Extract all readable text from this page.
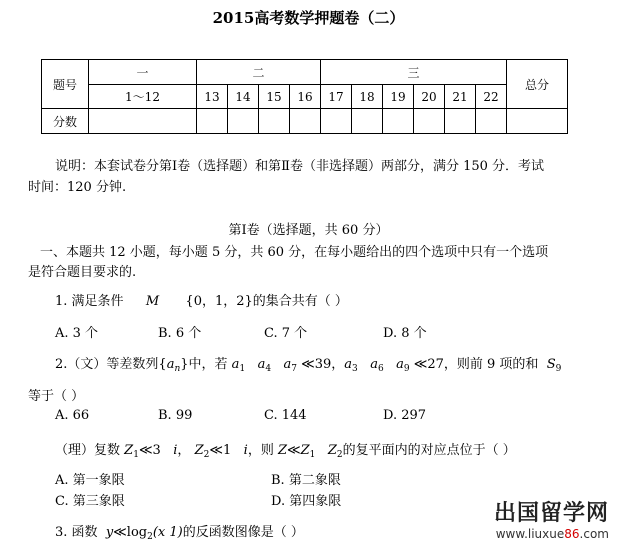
2015高考数学押题卷（二）
题号	一	二				三						总分
	1～12	13	14	15	16	17	18	19	20	21	22	
分数												
说明：本套试卷分第Ⅰ卷（选择题）和第Ⅱ卷（非选择题）两部分，满分 150 分．考试
时间：120 分钟.
第Ⅰ卷（选择题，共 60 分）
一、本题共 12 小题，每小题 5 分，共 60 分，在每小题给出的四个选项中只有一个选项
是符合题目要求的.
1. 满足条件 M {0，1，2}的集合共有（ ）
A. 3 个	B. 6 个	C. 7 个	D. 8 个
2.（文）等差数列$\{a_n\}$中，若 $a_1$ $a_4$ $a_7$ ≪39，$a_3$ $a_6$ $a_9$ ≪27，则前 9 项的和 $S_9$
等于（ ）
A. 66	B. 99	C. 144	D. 297
（理）复数 $Z_1≪3$ i， $Z_2≪1$ i，则 $Z≪Z_1$ $Z_2$的复平面内的对应点位于（ ）
A. 第一象限	B. 第二象限
C. 第三象限	D. 第四象限
3. 函数 $y≪\log_2(x$ 1)的反函数图像是（ ）
出国留学网
www.liuxue86.com
